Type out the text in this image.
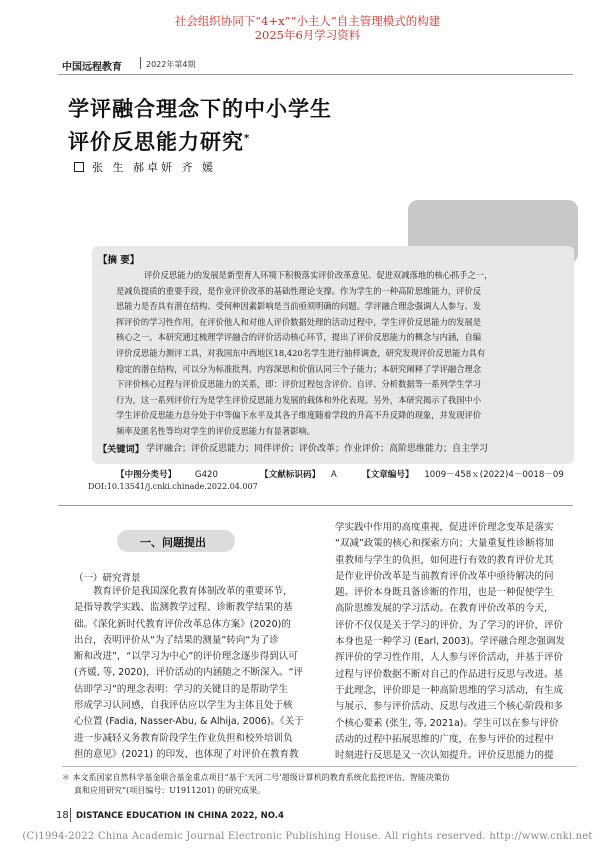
社会组织协同下“4+x”“小主人”自主管理模式的构建
2025年6月学习资料
中国远程教育	2022年第4期
学评融合理念下的中小学生
评价反思能力研究*
张 生 郝卓妍 齐 媛
【摘 要】
评价反思能力的发展是新型育人环境下积极落实评价改革意见、促进双减落地的核心抓手之一，
是减负提质的重要手段，是作业评价改革的基础性理论支撑。作为学生的一种高阶思维能力，评价反
思能力是否具有潜在结构、受何种因素影响是当前亟须明确的问题。学评融合理念强调人人参与、发
挥评价的学习性作用，在评价他人和对他人评价数据处理的活动过程中，学生评价反思能力的发展是
核心之一。本研究通过梳理学评融合的评价活动核心环节，提出了评价反思能力的概念与内涵，自编
评价反思能力测评工具，对我国东中西地区18,420名学生进行抽样调查，研究发现评价反思能力具有
稳定的潜在结构，可以分为标准批判、内容深思和价值认同三个子能力；本研究阐释了学评融合理念
下评价核心过程与评价反思能力的关系，即：评价过程包含评价、自评、分析数据等一系列学生学习
行为，这一系列评价行为是学生评价反思能力发展的载体和外化表现。另外，本研究揭示了我国中小
学生评价反思能力总分处于中等偏下水平及其各子维度随着学段的升高不升反降的现象，并发现评价
频率及匿名性等均对学生的评价反思能力有显著影响。
【关键词】 学评融合；评价反思能力；同伴评价；评价改革；作业评价；高阶思维能力；自主学习
【中图分类号】 G420	【文献标识码】 A	【文章编号】 1009－458ｘ(2022)4－0018－09
DOI:10.13541/j.cnki.chinade.2022.04.007
一、问题提出
（一）研究背景
　　教育评价是我国深化教育体制改革的重要环节，
是指导教学实践、监测教学过程、诊断教学结果的基
础。《深化新时代教育评价改革总体方案》(2020)的
出台，表明评价从“为了结果的测量”转向“为了诊
断和改进”，“以学习为中心”的评价理念逐步得到认可
(齐媛, 等, 2020)，评价活动的内涵随之不断深入。“评
估即学习”的理念表明：学习的关键目的是帮助学生
形成学习认同感，自我评估应以学生为主体且处于核
心位置 (Fadia, Nasser-Abu, & Alhija, 2006)。《关于
进一步减轻义务教育阶段学生作业负担和校外培训负
担的意见》(2021) 的印发，也体现了对评价在教育教
学实践中作用的高度重视，促进评价理念变革是落实
“双减”政策的核心和探索方向；大量重复性诊断将加
重教师与学生的负担，如何进行有效的教育评价尤其
是作业评价改革是当前教育评价改革中亟待解决的问
题。评价本身既具备诊断的作用，也是一种促使学生
高阶思维发展的学习活动。在教育评价改革的今天，
评价不仅仅是关于学习的评价、为了学习的评价，评价
本身也是一种学习 (Earl, 2003)。学评融合理念强调发
挥评价的学习性作用，人人参与评价活动，并基于评价
过程与评价数据不断对自己的作品进行反思与改进。基
于此理念，评价即是一种高阶思维的学习活动，有生成
与展示、参与评价活动、反思与改进三个核心阶段和多
个核心要素 (张生, 等, 2021a)。学生可以在参与评价
活动的过程中拓展思维的广度，在参与评价的过程中
时刻进行反思是又一次认知提升。评价反思能力的提
＊ 本文系国家自然科学基金联合基金重点项目“基于‘天河二号’超级计算机的教育系统化监控评估、智能决策仿
真和应用研究”(项目编号：U1911201) 的研究成果。
18 DISTANCE EDUCATION IN CHINA 2022, NO.4
(C)1994-2022 China Academic Journal Electronic Publishing House. All rights reserved. http://www.cnki.net
